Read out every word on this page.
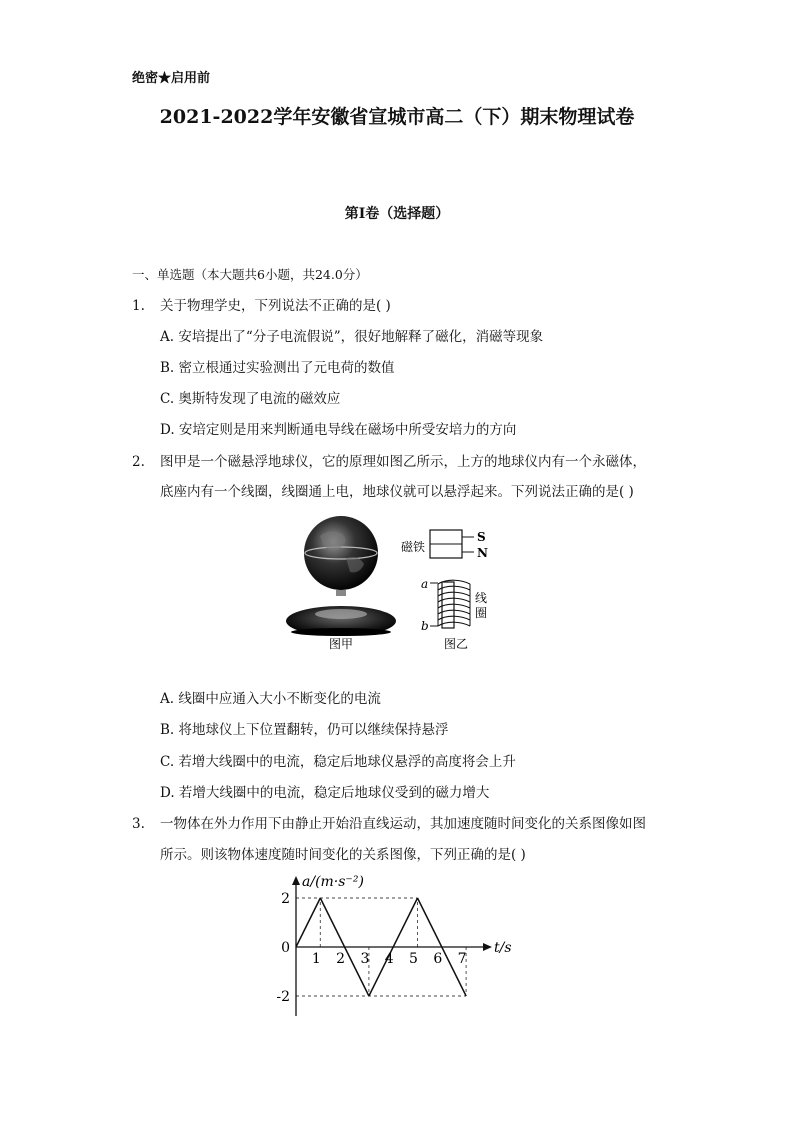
绝密★启用前
2021-2022学年安徽省宣城市高二（下）期末物理试卷
第I卷（选择题）
一、单选题（本大题共6小题，共24.0分）
1. 关于物理学史，下列说法不正确的是( )
A. 安培提出了“分子电流假说”，很好地解释了磁化，消磁等现象
B. 密立根通过实验测出了元电荷的数值
C. 奥斯特发现了电流的磁效应
D. 安培定则是用来判断通电导线在磁场中所受安培力的方向
2. 图甲是一个磁悬浮地球仪，它的原理如图乙所示，上方的地球仪内有一个永磁体，
底座内有一个线圈，线圈通上电，地球仪就可以悬浮起来。下列说法正确的是( )
图甲
磁铁
S
N
a
b
线
圈
图乙
A. 线圈中应通入大小不断变化的电流
B. 将地球仪上下位置翻转，仍可以继续保持悬浮
C. 若增大线圈中的电流，稳定后地球仪悬浮的高度将会上升
D. 若增大线圈中的电流，稳定后地球仪受到的磁力增大
3. 一物体在外力作用下由静止开始沿直线运动，其加速度随时间变化的关系图像如图
所示。则该物体速度随时间变化的关系图像，下列正确的是( )
1 2 3 4 5 6 7
2
0
-2
a/(m·s⁻²)
t/s
